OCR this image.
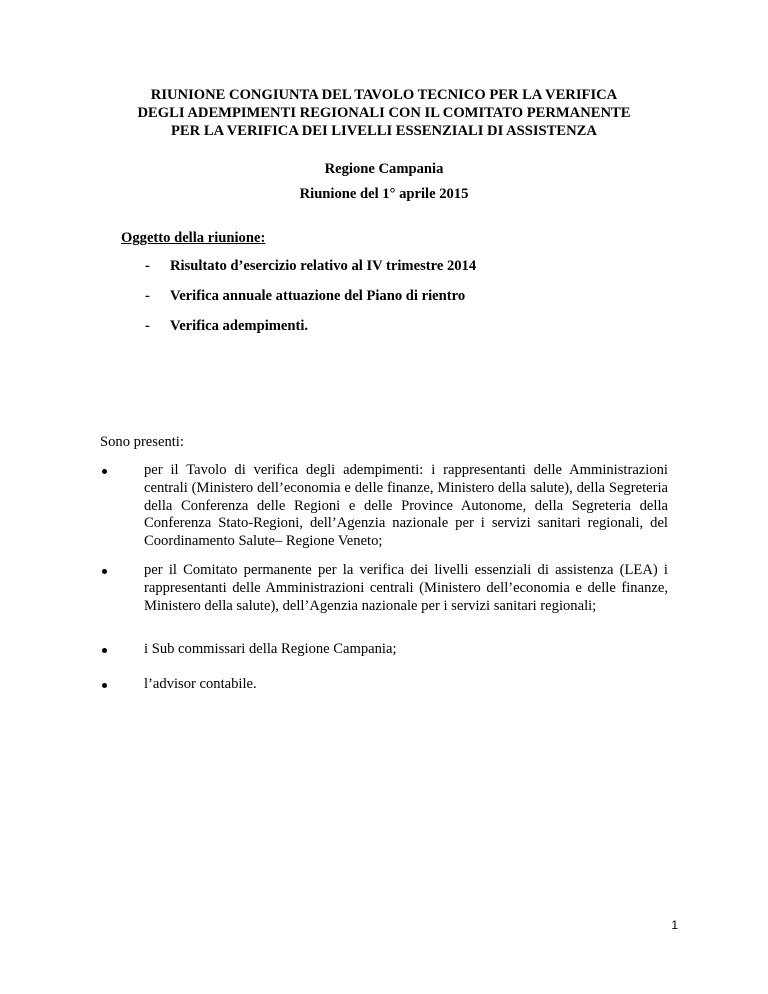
RIUNIONE CONGIUNTA DEL TAVOLO TECNICO PER LA VERIFICA
DEGLI ADEMPIMENTI REGIONALI CON IL COMITATO PERMANENTE
PER LA VERIFICA DEI LIVELLI ESSENZIALI DI ASSISTENZA
Regione Campania
Riunione del 1° aprile 2015
Oggetto della riunione:
- Risultato d’esercizio relativo al IV trimestre 2014
- Verifica annuale attuazione del Piano di rientro
- Verifica adempimenti.
Sono presenti:
per il Tavolo di verifica degli adempimenti: i rappresentanti delle Amministrazioni centrali (Ministero dell’economia e delle finanze, Ministero della salute), della Segreteria della Conferenza delle Regioni e delle Province Autonome, della Segreteria della Conferenza Stato-Regioni, dell’Agenzia nazionale per i servizi sanitari regionali, del Coordinamento Salute– Regione Veneto;
per il Comitato permanente per la verifica dei livelli essenziali di assistenza (LEA) i rappresentanti delle Amministrazioni centrali (Ministero dell’economia e delle finanze, Ministero della salute), dell’Agenzia nazionale per i servizi sanitari regionali;
i Sub commissari della Regione Campania;
l’advisor contabile.
1
